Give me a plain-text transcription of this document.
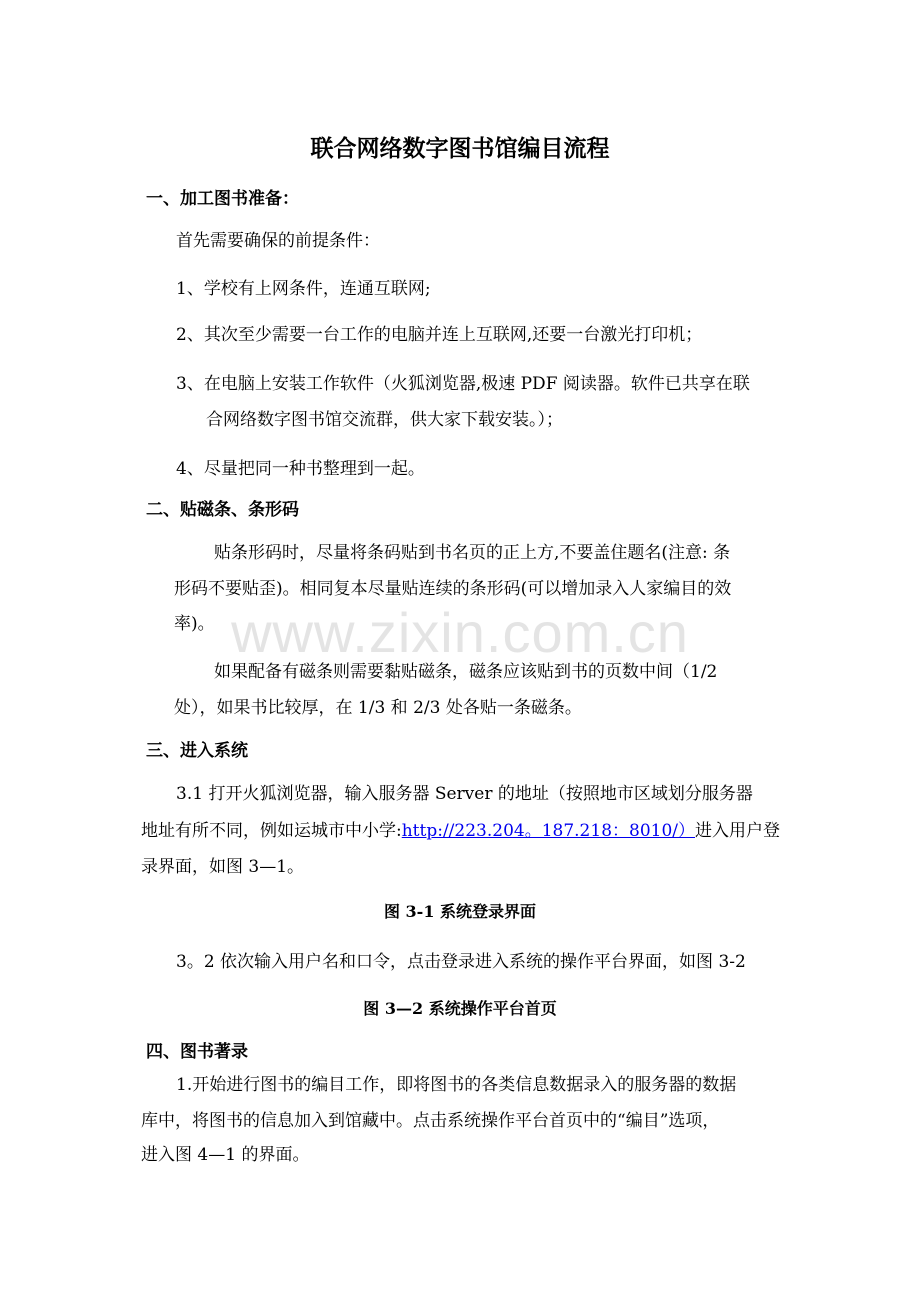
www.zixin.com.cn
联合网络数字图书馆编目流程
一、加工图书准备：
首先需要确保的前提条件：
1、学校有上网条件，连通互联网;
2、其次至少需要一台工作的电脑并连上互联网,还要一台激光打印机；
3、在电脑上安装工作软件（火狐浏览器,极速 PDF 阅读器。软件已共享在联
合网络数字图书馆交流群，供大家下载安装。）；
4、尽量把同一种书整理到一起。
二、贴磁条、条形码
贴条形码时，尽量将条码贴到书名页的正上方,不要盖住题名(注意: 条
形码不要贴歪)。相同复本尽量贴连续的条形码(可以增加录入人家编目的效
率)。
如果配备有磁条则需要黏贴磁条，磁条应该贴到书的页数中间（1/2
处），如果书比较厚，在 1/3 和 2/3 处各贴一条磁条。
三、进入系统
3.1 打开火狐浏览器，输入服务器 Server 的地址（按照地市区域划分服务器
地址有所不同，例如运城市中小学:http://223.204。187.218：8010/）进入用户登
录界面，如图 3—1。
图 3-1 系统登录界面
3。2 依次输入用户名和口令，点击登录进入系统的操作平台界面，如图 3-2
图 3—2 系统操作平台首页
四、图书著录
1.开始进行图书的编目工作，即将图书的各类信息数据录入的服务器的数据
库中，将图书的信息加入到馆藏中。点击系统操作平台首页中的“编目”选项，
进入图 4—1 的界面。
